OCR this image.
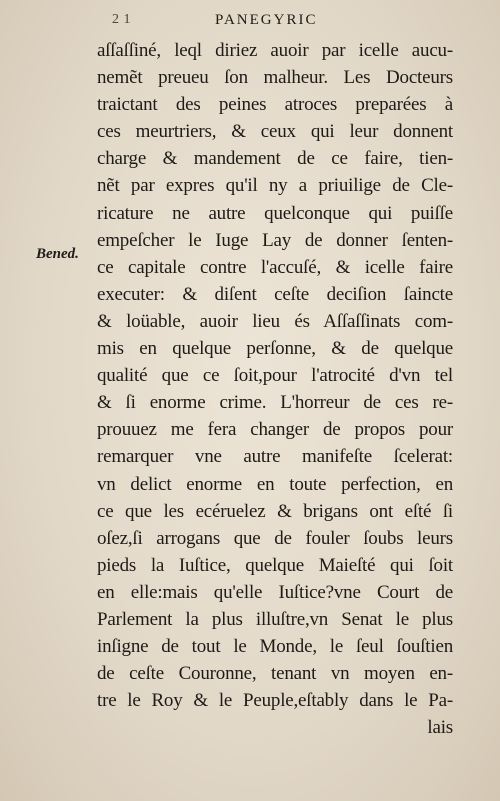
2 1	PANEGYRIC
Bened.
aſſaſſiné, leql diriez auoir par icelle aucu-
nemẽt preueu ſon malheur. Les Docteurs
traictant des peines atroces preparées à
ces meurtriers, & ceux qui leur donnent
charge & mandement de ce faire, tien-
nẽt par expres qu'il ny a priuilige de Cle-
ricature ne autre quelconque qui puiſſe
empeſcher le Iuge Lay de donner ſenten-
ce capitale contre l'accuſé, & icelle faire
executer: & diſent ceſte deciſion ſaincte
& loüable, auoir lieu és Aſſaſſinats com-
mis en quelque perſonne, & de quelque
qualité que ce ſoit,pour l'atrocité d'vn tel
& ſi enorme crime. L'horreur de ces re-
prouuez me fera changer de propos pour
remarquer vne autre manifeſte ſcelerat:
vn delict enorme en toute perfection, en
ce que les ecéruelez & brigans ont eſté ſi
oſez,ſi arrogans que de fouler ſoubs leurs
pieds la Iuſtice, quelque Maieſté qui ſoit
en elle:mais qu'elle Iuſtice?vne Court de
Parlement la plus illuſtre,vn Senat le plus
inſigne de tout le Monde, le ſeul ſouſtien
de ceſte Couronne, tenant vn moyen en-
tre le Roy & le Peuple,eſtably dans le Pa-
lais
